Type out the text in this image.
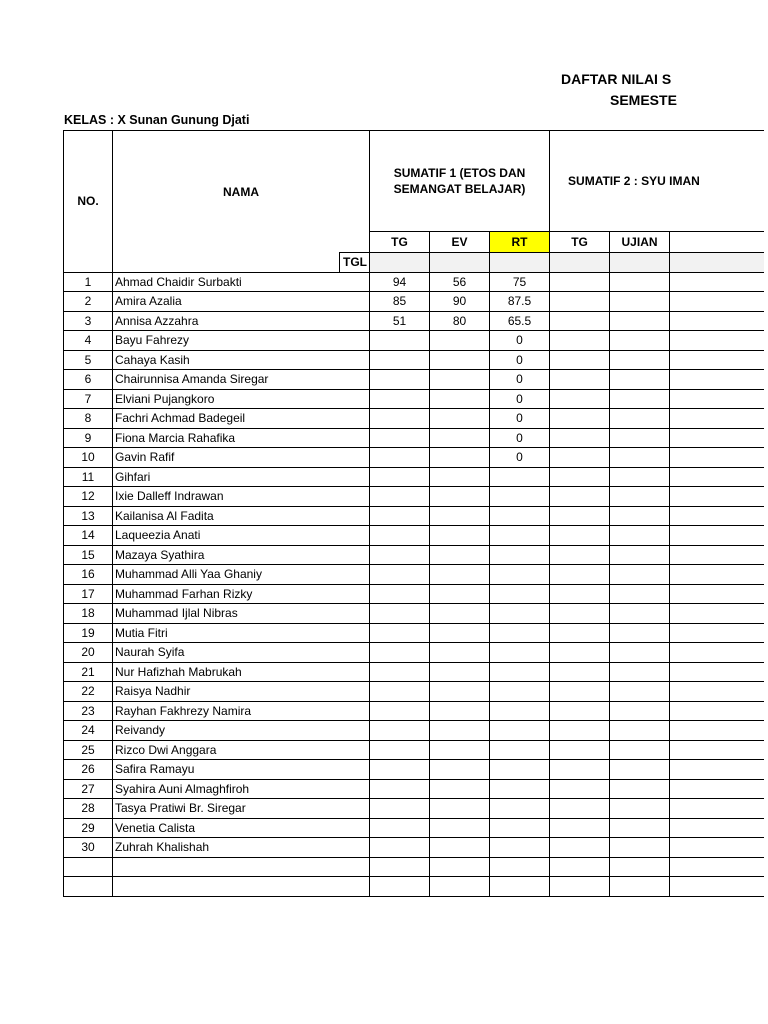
DAFTAR NILAI S
SEMESTE
KELAS : X Sunan Gunung Djati
NO.	NAMA		SUMATIF 1 (ETOS DAN SEMANGAT BELAJAR)			SUMATIF 2 : SYU IMAN		
			TG	EV	RT	TG	UJIAN	
		TGL						
1	Ahmad Chaidir Surbakti		94	56	75			
2	Amira Azalia		85	90	87.5			
3	Annisa Azzahra		51	80	65.5			
4	Bayu Fahrezy				0			
5	Cahaya Kasih				0			
6	Chairunnisa Amanda Siregar				0			
7	Elviani Pujangkoro				0			
8	Fachri Achmad Badegeil				0			
9	Fiona Marcia Rahafika				0			
10	Gavin Rafif				0			
11	Gihfari							
12	Ixie Dalleff Indrawan							
13	Kailanisa Al Fadita							
14	Laqueezia Anati							
15	Mazaya Syathira							
16	Muhammad Alli Yaa Ghaniy							
17	Muhammad Farhan Rizky							
18	Muhammad Ijlal Nibras							
19	Mutia Fitri							
20	Naurah Syifa							
21	Nur Hafizhah Mabrukah							
22	Raisya Nadhir							
23	Rayhan Fakhrezy Namira							
24	Reivandy							
25	Rizco Dwi Anggara							
26	Safira Ramayu							
27	Syahira Auni Almaghfiroh							
28	Tasya Pratiwi Br. Siregar							
29	Venetia Calista							
30	Zuhrah Khalishah							
